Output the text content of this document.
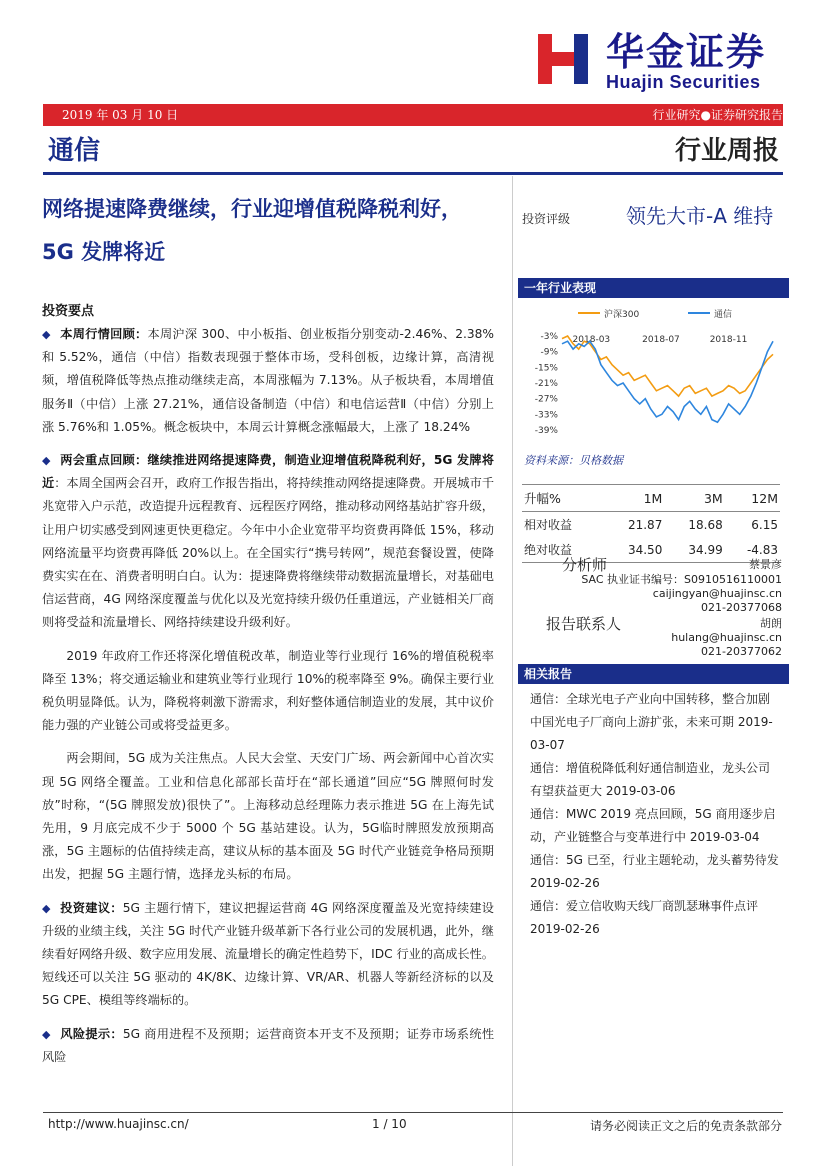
华金证券
Huajin Securities
2019 年 03 月 10 日	行业研究●证券研究报告
通信	行业周报
网络提速降费继续，行业迎增值税降税利好，
5G 发牌将近
投资评级	领先大市-A 维持

投资要点

◆ 本周行情回顾：本周沪深 300、中小板指、创业板指分别变动-2.46%、2.38%和 5.52%，通信（中信）指数表现强于整体市场，受科创板，边缘计算，高清视频，增值税降低等热点推动继续走高，本周涨幅为 7.13%。从子板块看，本周增值服务Ⅱ（中信）上涨 27.21%，通信设备制造（中信）和电信运营Ⅱ（中信）分别上涨 5.76%和 1.05%。概念板块中，本周云计算概念涨幅最大，上涨了 18.24%

◆ 两会重点回顾：继续推进网络提速降费，制造业迎增值税降税利好，5G 发牌将近：本周全国两会召开，政府工作报告指出，将持续推动网络提速降费。开展城市千兆宽带入户示范，改造提升远程教育、远程医疗网络，推动移动网络基站扩容升级，让用户切实感受到网速更快更稳定。今年中小企业宽带平均资费再降低 15%，移动网络流量平均资费再降低 20%以上。在全国实行“携号转网”，规范套餐设置，使降费实实在在、消费者明明白白。认为：提速降费将继续带动数据流量增长，对基础电信运营商，4G 网络深度覆盖与优化以及光宽持续升级仍任重道远，产业链相关厂商则将受益和流量增长、网络持续建设升级利好。

2019 年政府工作还将深化增值税改革，制造业等行业现行 16%的增值税税率降至 13%；将交通运输业和建筑业等行业现行 10%的税率降至 9%。确保主要行业税负明显降低。认为，降税将刺激下游需求，利好整体通信制造业的发展，其中议价能力强的产业链公司或将受益更多。

两会期间，5G 成为关注焦点。人民大会堂、天安门广场、两会新闻中心首次实现 5G 网络全覆盖。工业和信息化部部长苗圩在“部长通道”回应“5G 牌照何时发放”时称，“(5G 牌照发放)很快了”。上海移动总经理陈力表示推进 5G 在上海先试先用，9 月底完成不少于 5000 个 5G 基站建设。认为，5G临时牌照发放预期高涨，5G 主题标的估值持续走高，建议从标的基本面及 5G 时代产业链竞争格局预期出发，把握 5G 主题行情，选择龙头标的布局。

◆ 投资建议：5G 主题行情下，建议把握运营商 4G 网络深度覆盖及光宽持续建设升级的业绩主线，关注 5G 时代产业链升级革新下各行业公司的发展机遇，此外，继续看好网络升级、数字应用发展、流量增长的确定性趋势下，IDC 行业的高成长性。短线还可以关注 5G 驱动的 4K/8K、边缘计算、VR/AR、机器人等新经济标的以及 5G CPE、模组等终端标的。

◆ 风险提示：5G 商用进程不及预期；运营商资本开支不及预期；证券市场系统性风险

一年行业表现
沪深300	通信
-3%
-9%
-15%
-21%
-27%
-33%
-39%
2018-03	2018-07	2018-11
资料来源：贝格数据
升幅%	1M	3M	12M
相对收益	21.87	18.68	6.15
绝对收益	34.50	34.99	-4.83
分析师	蔡景彦
SAC 执业证书编号：S0910516110001
caijingyan@huajinsc.cn
021-20377068
报告联系人	胡朗
hulang@huajinsc.cn
021-20377062
相关报告

通信：全球光电子产业向中国转移，整合加剧　中国光电子厂商向上游扩张，未来可期 2019-03-07

通信：增值税降低利好通信制造业，龙头公司有望获益更大 2019-03-06

通信：MWC 2019 亮点回顾，5G 商用逐步启动，产业链整合与变革进行中 2019-03-04

通信：5G 已至，行业主题轮动，龙头蓄势待发 2019-02-26

通信：爱立信收购天线厂商凯瑟琳事件点评 2019-02-26

http://www.huajinsc.cn/	1 / 10	请务必阅读正文之后的免责条款部分
